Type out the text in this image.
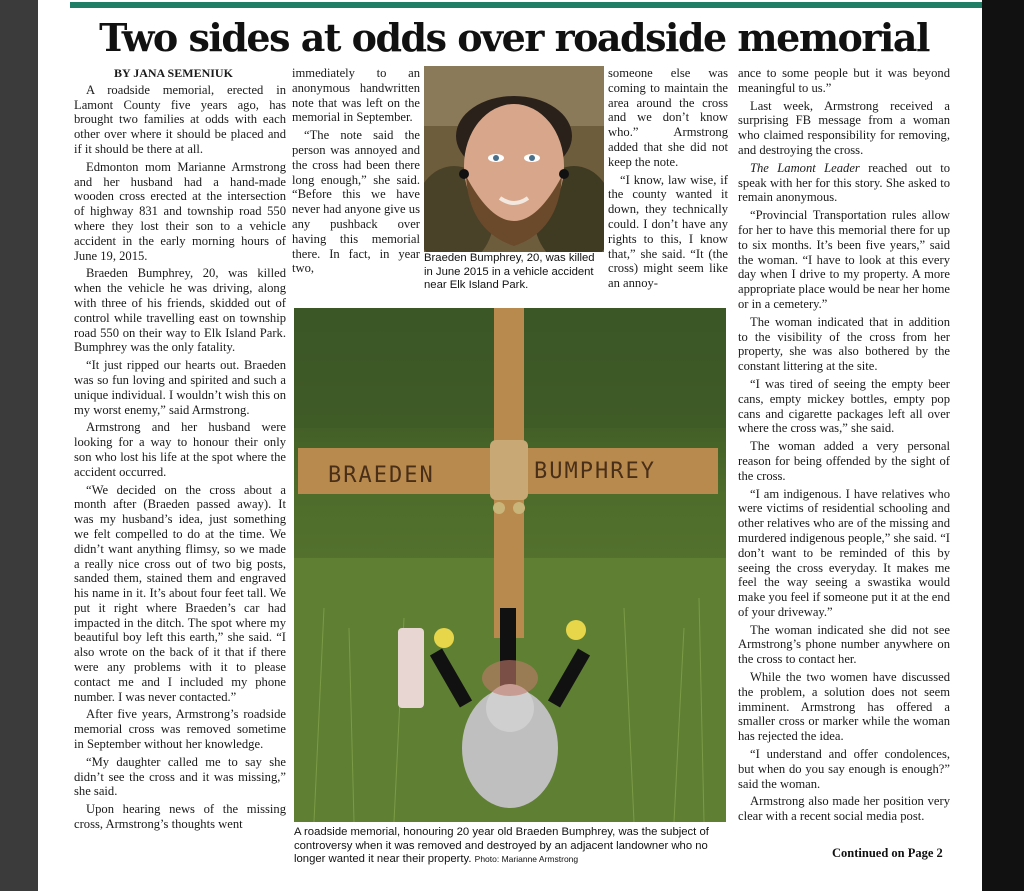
Two sides at odds over roadside memorial
BY JANA SEMENIUK

A roadside memorial, erected in Lamont County five years ago, has brought two families at odds with each other over where it should be placed and if it should be there at all.

Edmonton mom Marianne Armstrong and her husband had a hand-made wooden cross erected at the intersection of highway 831 and township road 550 where they lost their son to a vehicle accident in the early morning hours of June 19, 2015.

Braeden Bumphrey, 20, was killed when the vehicle he was driving, along with three of his friends, skidded out of control while travelling east on township road 550 on their way to Elk Island Park. Bumphrey was the only fatality.

“It just ripped our hearts out. Braeden was so fun loving and spirited and such a unique individual. I wouldn’t wish this on my worst enemy,” said Armstrong.

Armstrong and her husband were looking for a way to honour their only son who lost his life at the spot where the accident occurred.

“We decided on the cross about a month after (Braeden passed away). It was my husband’s idea, just something we felt compelled to do at the time. We didn’t want anything flimsy, so we made a really nice cross out of two big posts, sanded them, stained them and engraved his name in it. It’s about four feet tall. We put it right where Braeden’s car had impacted in the ditch. The spot where my beautiful boy left this earth,” she said. “I also wrote on the back of it that if there were any problems with it to please contact me and I included my phone number. I was never contacted.”

After five years, Armstrong’s roadside memorial cross was removed sometime in September without her knowledge.

“My daughter called me to say she didn’t see the cross and it was missing,” she said.

Upon hearing news of the missing cross, Armstrong’s thoughts went

immediately to an anonymous handwritten note that was left on the memorial in September.

“The note said the person was annoyed and the cross had been there long enough,” she said. “Before this we have never had anyone give us any pushback over having this memorial there. In fact, in year two,

Braeden Bumphrey, 20, was killed in June 2015 in a vehicle accident near Elk Island Park.

someone else was coming to maintain the area around the cross and we don’t know who.” Armstrong added that she did not keep the note.

“I know, law wise, if the county wanted it down, they technically could. I don’t have any rights to this, I know that,” she said. “It (the cross) might seem like an annoy-

ance to some people but it was beyond meaningful to us.”

Last week, Armstrong received a surprising FB message from a woman who claimed responsibility for removing, and destroying the cross.

The Lamont Leader reached out to speak with her for this story. She asked to remain anonymous.

“Provincial Transportation rules allow for her to have this memorial there for up to six months. It’s been five years,” said the woman. “I have to look at this every day when I drive to my property. A more appropriate place would be near her home or in a cemetery.”

The woman indicated that in addition to the visibility of the cross from her property, she was also bothered by the constant littering at the site.

“I was tired of seeing the empty beer cans, empty mickey bottles, empty pop cans and cigarette packages left all over where the cross was,” she said.

The woman added a very personal reason for being offended by the sight of the cross.

“I am indigenous. I have relatives who were victims of residential schooling and other relatives who are of the missing and murdered indigenous people,” she said. “I don’t want to be reminded of this by seeing the cross everyday. It makes me feel the way seeing a swastika would make you feel if someone put it at the end of your driveway.”

The woman indicated she did not see Armstrong’s phone number anywhere on the cross to contact her.

While the two women have discussed the problem, a solution does not seem imminent. Armstrong has offered a smaller cross or marker while the woman has rejected the idea.

“I understand and offer condolences, but when do you say enough is enough?” said the woman.

Armstrong also made her position very clear with a recent social media post.

BRAEDEN	BUMPHREY
A roadside memorial, honouring 20 year old Braeden Bumphrey, was the subject of controversy when it was removed and destroyed by an adjacent landowner who no longer wanted it near their property. Photo: Marianne Armstrong	Continued on Page 2
